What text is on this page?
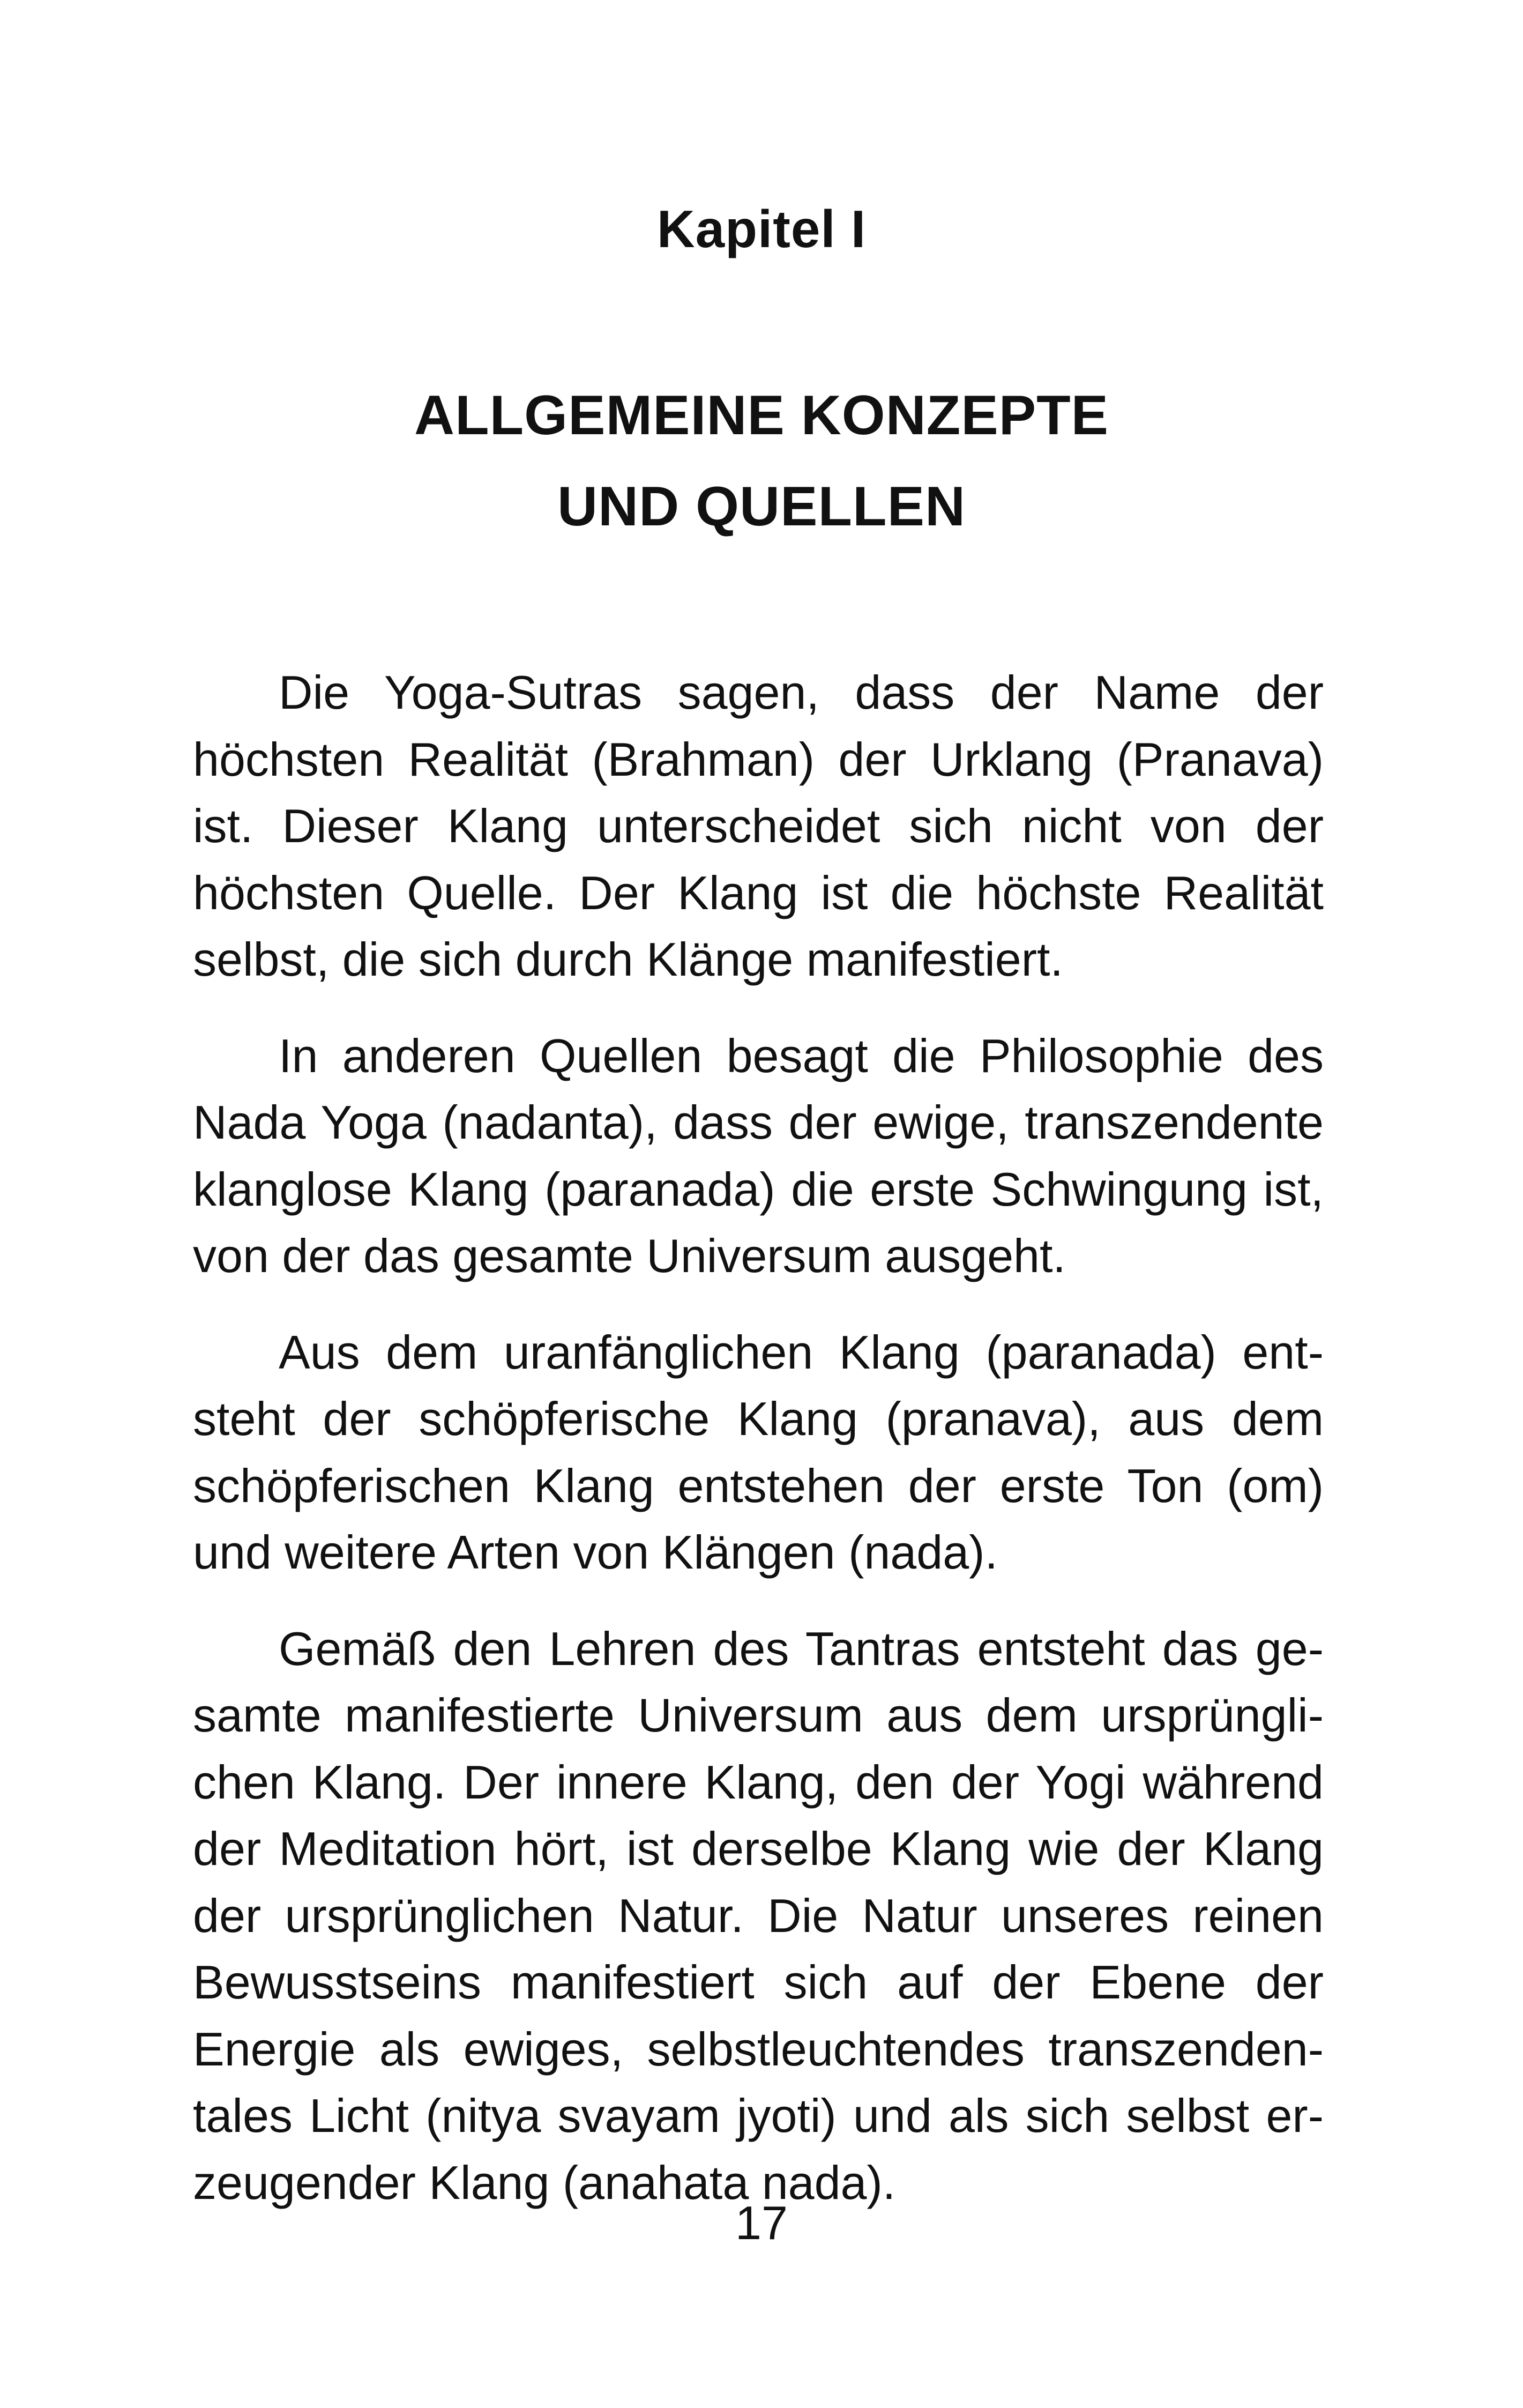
Kapitel I
ALLGEMEINE KONZEPTE
UND QUELLEN

Die Yoga-Sutras sagen, dass der Name der höchsten Realität (Brahman) der Urklang (Pranava) ist. Dieser Klang unterscheidet sich nicht von der höchsten Quelle. Der Klang ist die höchste Realität selbst, die sich durch Klänge manifestiert.

In anderen Quellen besagt die Philosophie des Nada Yoga (nadanta), dass der ewige, transzendente klanglose Klang (paranada) die erste Schwingung ist, von der das gesamte Universum ausgeht.

Aus dem uranfänglichen Klang (paranada) entsteht der schöpferische Klang (pranava), aus dem schöpferischen Klang entstehen der erste Ton (om) und weitere Arten von Klängen (nada).

Gemäß den Lehren des Tantras entsteht das gesamte manifestierte Universum aus dem ursprünglichen Klang. Der innere Klang, den der Yogi während der Meditation hört, ist derselbe Klang wie der Klang der ursprünglichen Natur. Die Natur unseres reinen Bewusstseins manifestiert sich auf der Ebene der Energie als ewiges, selbstleuchtendes transzendentales Licht (nitya svayam jyoti) und als sich selbst erzeugender Klang (anahata nada).

17
